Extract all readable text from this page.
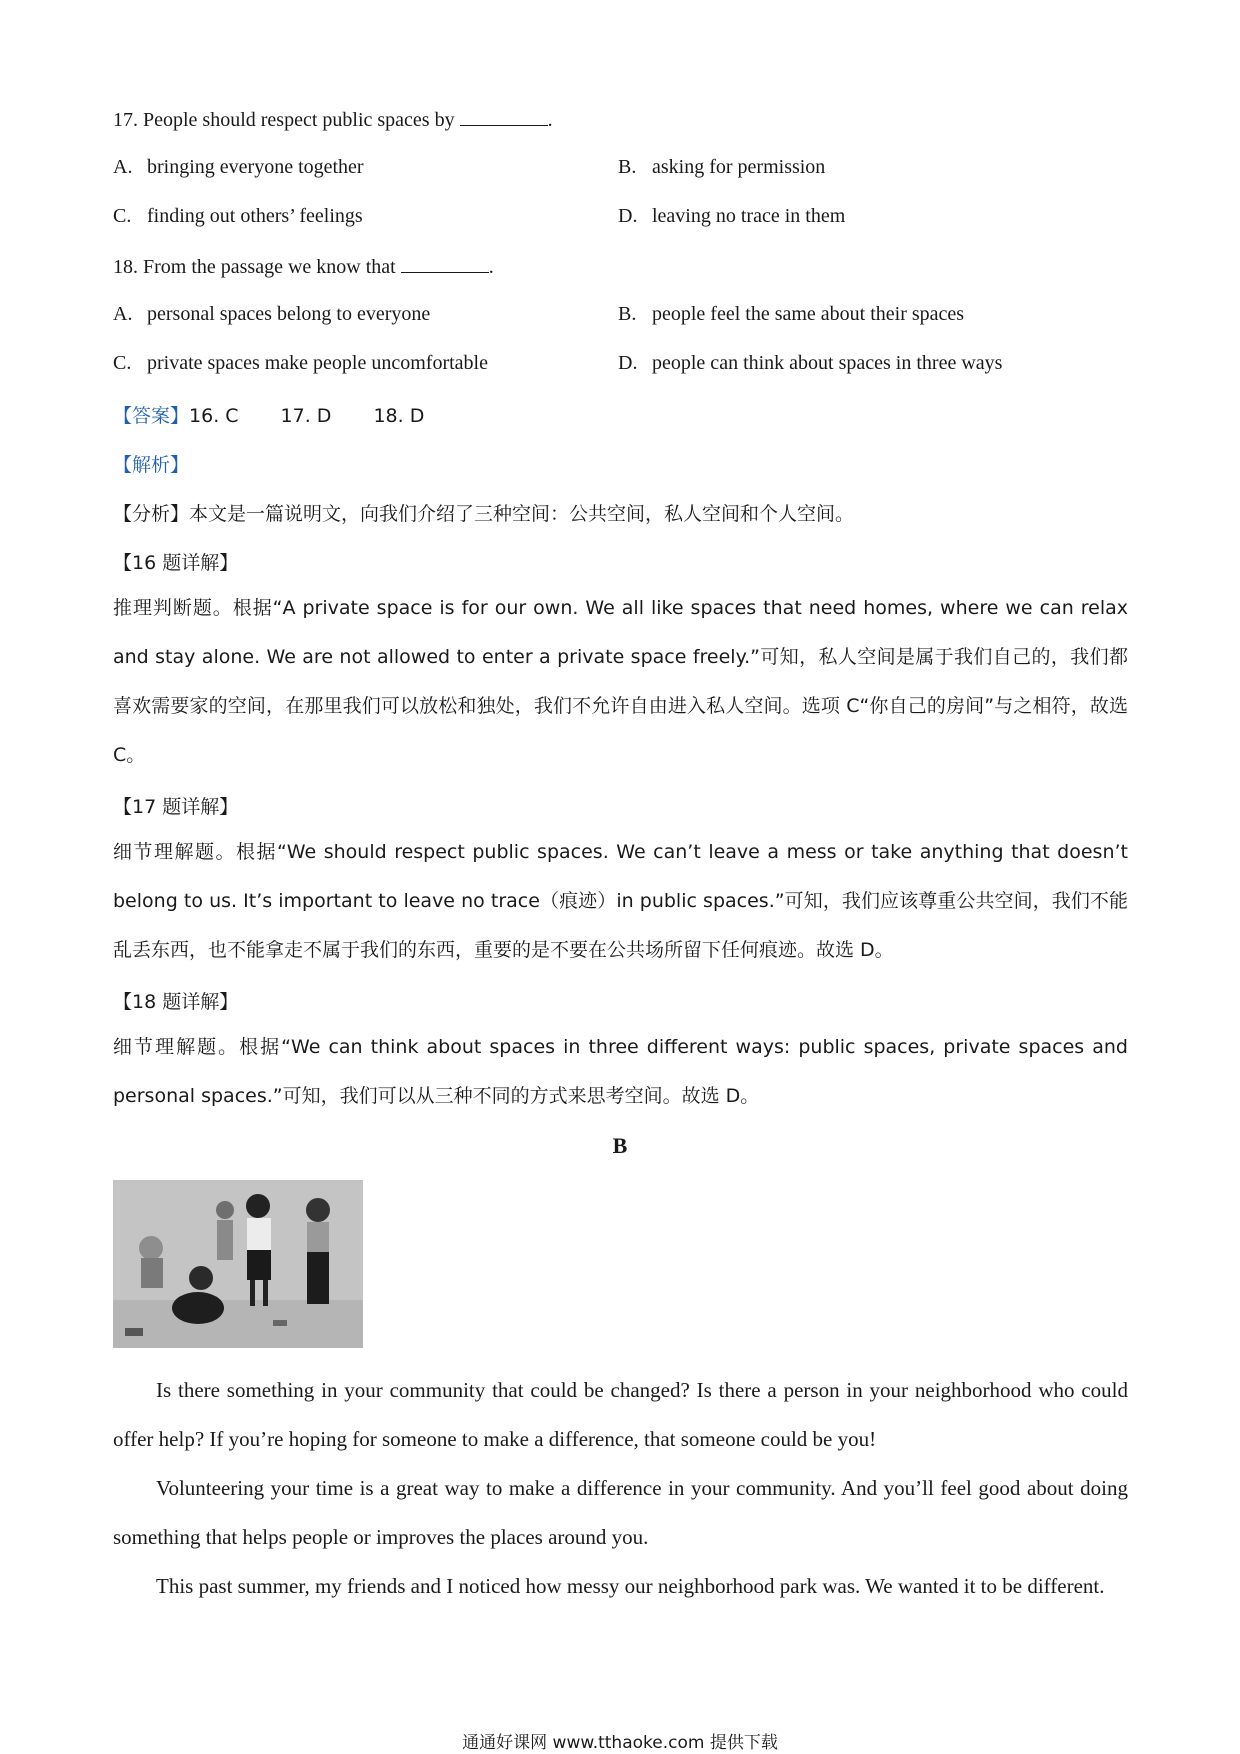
17. People should respect public spaces by	.
A. bringing everyone together	B. asking for permission
C. finding out others’ feelings	D. leaving no trace in them
18. From the passage we know that	.
A. personal spaces belong to everyone	B. people feel the same about their spaces
C. private spaces make people uncomfortable	D. people can think about spaces in three ways
【答案】16. C 17. D 18. D
【解析】
【分析】本文是一篇说明文，向我们介绍了三种空间：公共空间，私人空间和个人空间。
【16 题详解】
推理判断题。根据“A private space is for our own. We all like spaces that need homes, where we can relax and stay alone. We are not allowed to enter a private space freely.”可知，私人空间是属于我们自己的，我们都喜欢需要家的空间，在那里我们可以放松和独处，我们不允许自由进入私人空间。选项 C“你自己的房间”与之相符，故选 C。
【17 题详解】
细节理解题。根据“We should respect public spaces. We can’t leave a mess or take anything that doesn’t belong to us. It’s important to leave no trace（痕迹）in public spaces.”可知，我们应该尊重公共空间，我们不能乱丢东西，也不能拿走不属于我们的东西，重要的是不要在公共场所留下任何痕迹。故选 D。
【18 题详解】
细节理解题。根据“We can think about spaces in three different ways: public spaces, private spaces and personal spaces.”可知，我们可以从三种不同的方式来思考空间。故选 D。
B
Is there something in your community that could be changed? Is there a person in your neighborhood who could offer help? If you’re hoping for someone to make a difference, that someone could be you!
Volunteering your time is a great way to make a difference in your community. And you’ll feel good about doing something that helps people or improves the places around you.
This past summer, my friends and I noticed how messy our neighborhood park was. We wanted it to be different.
通通好课网 www.tthaoke.com 提供下载
